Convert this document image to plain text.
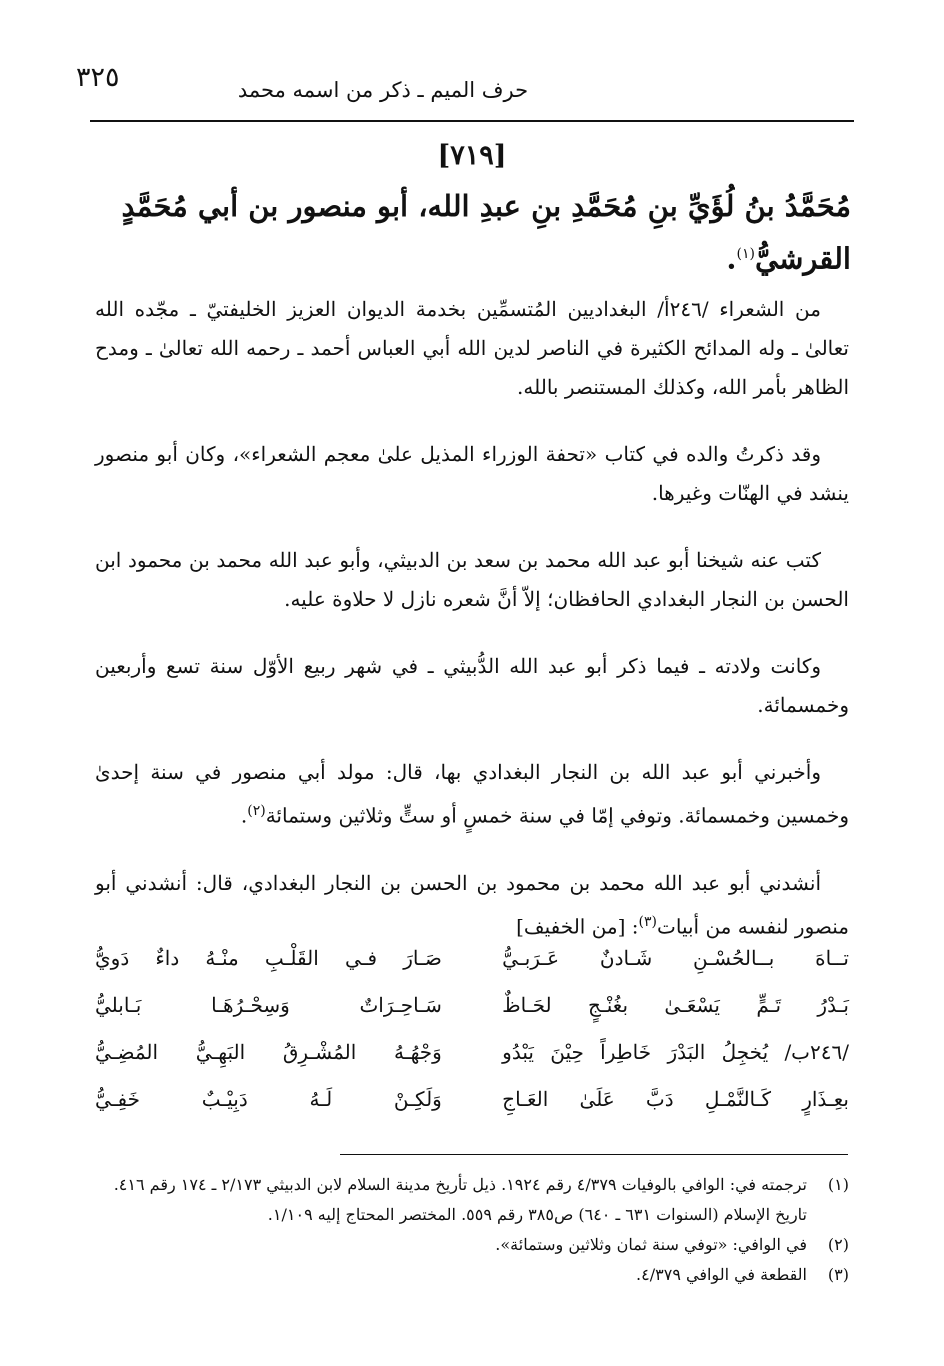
٣٢٥	حرف الميم ـ ذكر من اسمه محمد
[٧١٩]
مُحَمَّدُ بنُ لُؤَيِّ بنِ مُحَمَّدِ بنِ عبدِ الله، أبو منصور بن أبي مُحَمَّدٍ القرشيُّ$^{(١)}$.

من الشعراء /٢٤٦أ/ البغداديين المُتسمِّين بخدمة الديوان العزيز الخليفتيّ ـ مجّده الله تعالىٰ ـ وله المدائح الكثيرة في الناصر لدين الله أبي العباس أحمد ـ رحمه الله تعالىٰ ـ ومدح الظاهر بأمر الله، وكذلك المستنصر بالله.

وقد ذكرتُ والده في كتاب «تحفة الوزراء المذيل علىٰ معجم الشعراء»، وكان أبو منصور ينشد في الهنّات وغيرها.

كتب عنه شيخنا أبو عبد الله محمد بن سعد بن الدبيثي، وأبو عبد الله محمد بن محمود ابن الحسن بن النجار البغدادي الحافظان؛ إلاّ أنَّ شعره نازل لا حلاوة عليه.

وكانت ولادته ـ فيما ذكر أبو عبد الله الدُّبيثي ـ في شهر ربيع الأوّل سنة تسع وأربعين وخمسمائة.

وأخبرني أبو عبد الله بن النجار البغدادي بها، قال: مولد أبي منصور في سنة إحدىٰ وخمسين وخمسمائة. وتوفي إمّا في سنة خمسٍ أو ستٍّ وثلاثين وستمائة$^{(٢)}$.

أنشدني أبو عبد الله محمد بن محمود بن الحسن بن النجار البغدادي، قال: أنشدني أبو منصور لنفسه من أبيات$^{(٣)}$: [من الخفيف]

تــاهَ بــالحُسْـنِ شَـادنٌ عَـرَبـيُّ
صَـارَ فـي القَلْـبِ منْـهُ داءٌ دَويُّ
بَـدْرُ تَـمٍّ يَسْعَـىٰ بغُنْـجٍ لحَـاظٌ
سَـاحِـرَاتٌ وَسِحْـرُهَـا بَـابليُّ
/٢٤٦ب/ يُخجِلُ البَدْرَ خَاطِراً حِيْنَ يَبْدُو
وَجْهُـهُ المُشْـرِقُ البَهِـيُّ المُضِـيُّ
بعِـذَارٍ كَـالنَّمْـلِ دَبَّ عَلَىٰ العَـاجِ
وَلَكِـنْ لَـهُ دَبِيْـبٌ خَفِـيُّ
(١)
ترجمته في: الوافي بالوفيات ٤/٣٧٩ رقم ١٩٢٤. ذيل تأريخ مدينة السلام لابن الدبيثي ٢/١٧٣ ـ ١٧٤ رقم ٤١٦. تاريخ الإسلام (السنوات ٦٣١ ـ ٦٤٠) ص٣٨٥ رقم ٥٥٩. المختصر المحتاج إليه ١/١٠٩.
(٢)
في الوافي: «توفي سنة ثمان وثلاثين وستمائة».
(٣)
القطعة في الوافي ٤/٣٧٩.
